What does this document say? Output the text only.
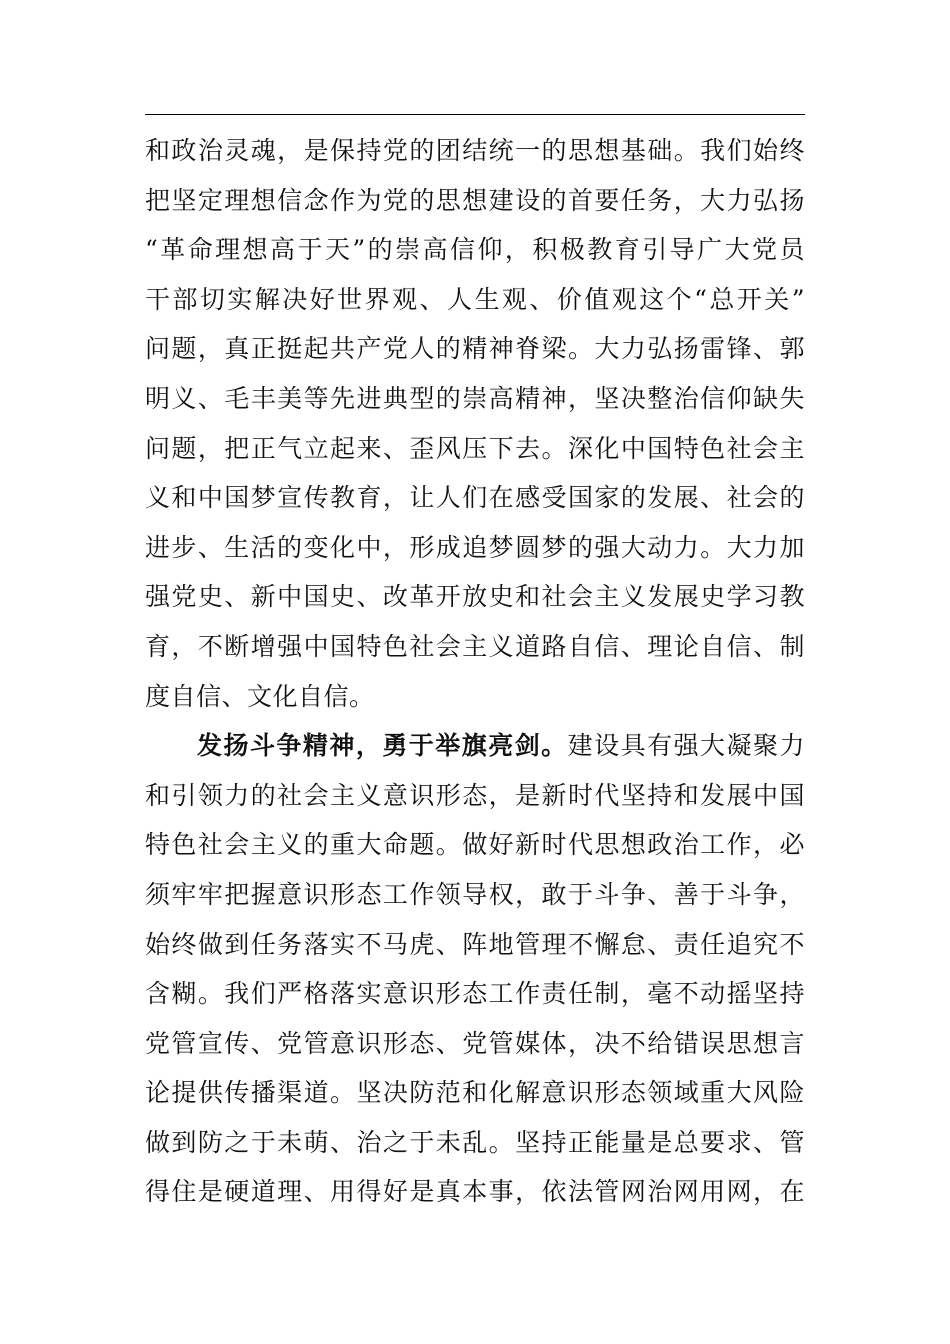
和政治灵魂，是保持党的团结统一的思想基础。我们始终
把坚定理想信念作为党的思想建设的首要任务，大力弘扬
“革命理想高于天”的崇高信仰，积极教育引导广大党员
干部切实解决好世界观、人生观、价值观这个“总开关”
问题，真正挺起共产党人的精神脊梁。大力弘扬雷锋、郭
明义、毛丰美等先进典型的崇高精神，坚决整治信仰缺失
问题，把正气立起来、歪风压下去。深化中国特色社会主
义和中国梦宣传教育，让人们在感受国家的发展、社会的
进步、生活的变化中，形成追梦圆梦的强大动力。大力加
强党史、新中国史、改革开放史和社会主义发展史学习教
育，不断增强中国特色社会主义道路自信、理论自信、制
度自信、文化自信。
发扬斗争精神，勇于举旗亮剑。建设具有强大凝聚力
和引领力的社会主义意识形态，是新时代坚持和发展中国
特色社会主义的重大命题。做好新时代思想政治工作，必
须牢牢把握意识形态工作领导权，敢于斗争、善于斗争，
始终做到任务落实不马虎、阵地管理不懈怠、责任追究不
含糊。我们严格落实意识形态工作责任制，毫不动摇坚持
党管宣传、党管意识形态、党管媒体，决不给错误思想言
论提供传播渠道。坚决防范和化解意识形态领域重大风险
做到防之于未萌、治之于未乱。坚持正能量是总要求、管
得住是硬道理、用得好是真本事，依法管网治网用网，在
